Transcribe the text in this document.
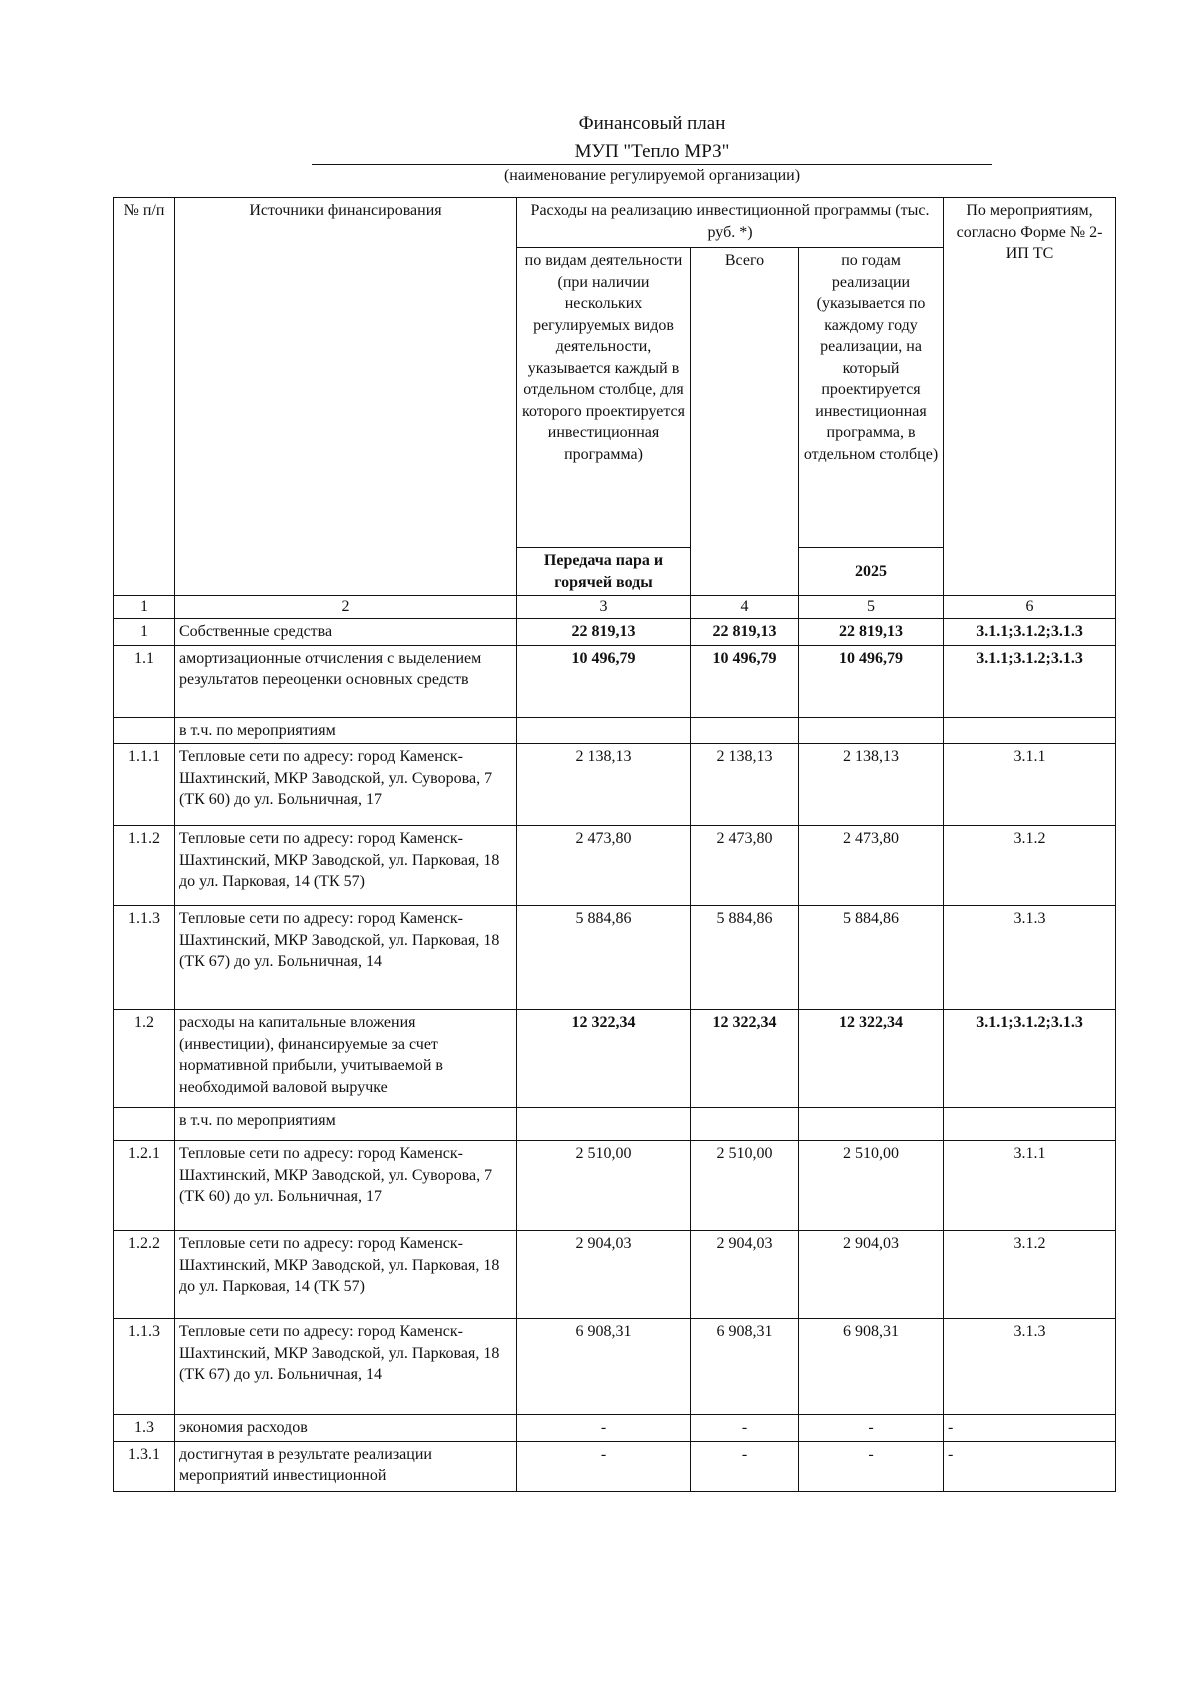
Финансовый план
МУП "Тепло МРЗ"
(наименование регулируемой организации)
№ п/п	Источники финансирования	Расходы на реализацию инвестиционной программы (тыс. руб. *)			По мероприятиям, согласно Форме № 2-ИП ТС
		по видам деятельности (при наличии нескольких регулируемых видов деятельности, указывается каждый в отдельном столбце, для которого проектируется инвестиционная программа)	Всего	по годам реализации (указывается по каждому году реализации, на который проектируется инвестиционная программа, в отдельном столбце)	
		Передача пара и горячей воды		2025	
1	2	3	4	5	6
1	Собственные средства	22 819,13	22 819,13	22 819,13	3.1.1;3.1.2;3.1.3
1.1	амортизационные отчисления с выделением результатов переоценки основных средств	10 496,79	10 496,79	10 496,79	3.1.1;3.1.2;3.1.3
	в т.ч. по мероприятиям				
1.1.1	Тепловые сети по адресу: город Каменск-Шахтинский, МКР Заводской, ул. Суворова, 7 (ТК 60) до ул. Больничная, 17	2 138,13	2 138,13	2 138,13	3.1.1
1.1.2	Тепловые сети по адресу: город Каменск-Шахтинский, МКР Заводской, ул. Парковая, 18 до ул. Парковая, 14 (ТК 57)	2 473,80	2 473,80	2 473,80	3.1.2
1.1.3	Тепловые сети по адресу: город Каменск-Шахтинский, МКР Заводской, ул. Парковая, 18 (ТК 67) до ул. Больничная, 14	5 884,86	5 884,86	5 884,86	3.1.3
1.2	расходы на капитальные вложения (инвестиции), финансируемые за счет нормативной прибыли, учитываемой в необходимой валовой выручке	12 322,34	12 322,34	12 322,34	3.1.1;3.1.2;3.1.3
	в т.ч. по мероприятиям				
1.2.1	Тепловые сети по адресу: город Каменск-Шахтинский, МКР Заводской, ул. Суворова, 7 (ТК 60) до ул. Больничная, 17	2 510,00	2 510,00	2 510,00	3.1.1
1.2.2	Тепловые сети по адресу: город Каменск-Шахтинский, МКР Заводской, ул. Парковая, 18 до ул. Парковая, 14 (ТК 57)	2 904,03	2 904,03	2 904,03	3.1.2
1.1.3	Тепловые сети по адресу: город Каменск-Шахтинский, МКР Заводской, ул. Парковая, 18 (ТК 67) до ул. Больничная, 14	6 908,31	6 908,31	6 908,31	3.1.3
1.3	экономия расходов	-	-	-	-
1.3.1	достигнутая в результате реализации мероприятий инвестиционной	-	-	-	-
